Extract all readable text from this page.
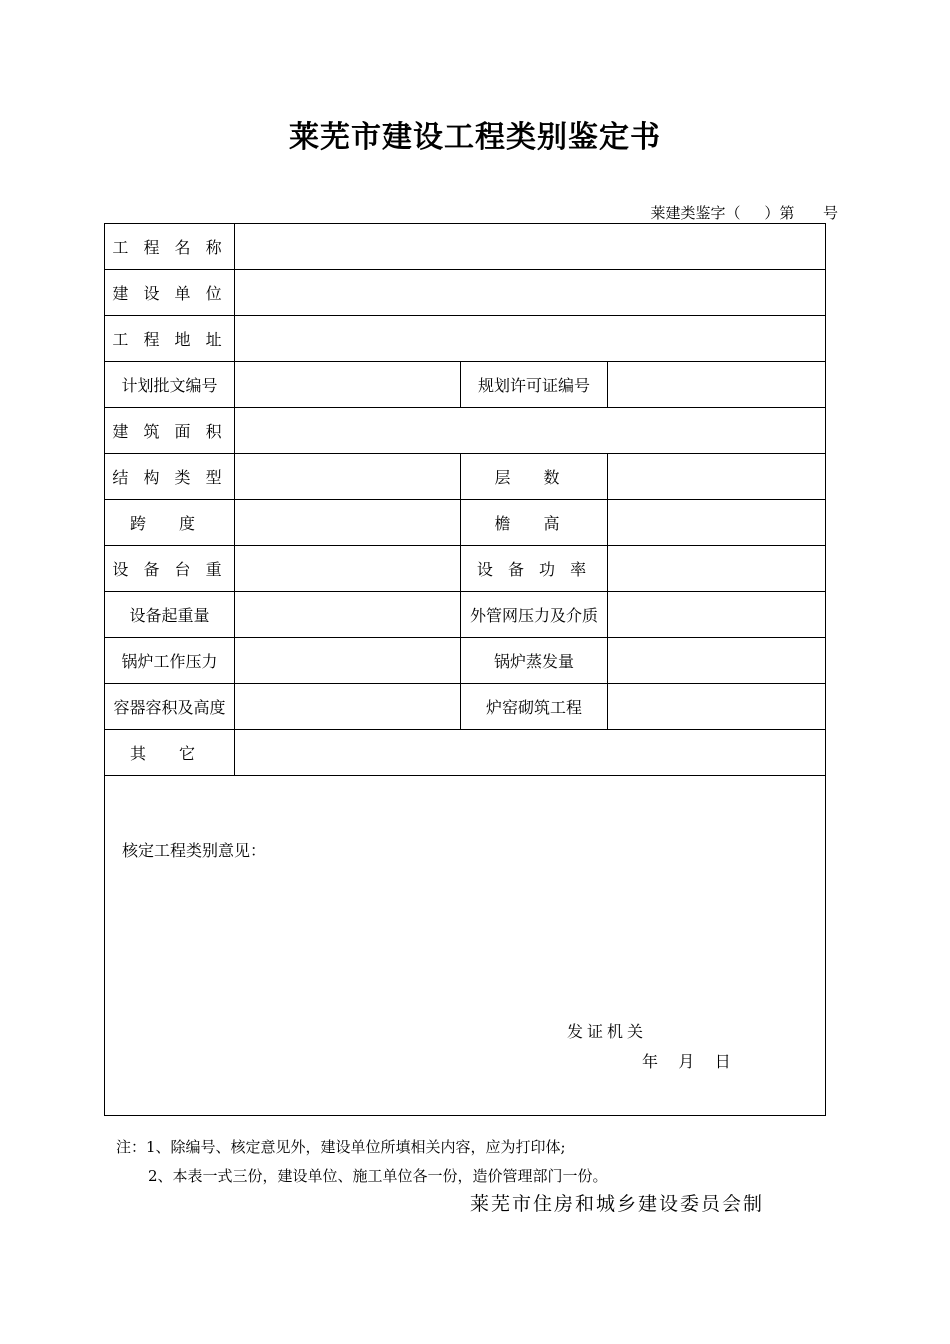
莱芜市建设工程类别鉴定书
莱建类鉴字（     ）第      号
工 程 名 称			
建 设 单 位			
工 程 地 址			
计划批文编号		规划许可证编号	
建 筑 面 积			
结 构 类 型		层 数	
跨 度		檐 高	
设 备 台 重		设 备 功 率	
设备起重量		外管网压力及介质	
锅炉工作压力		锅炉蒸发量	
容器容积及高度		炉窑砌筑工程	
其 它			

核定工程类别意见：
发证机关
年    月    日			
注：1、除编号、核定意见外，建设单位所填相关内容，应为打印体;
2、本表一式三份，建设单位、施工单位各一份，造价管理部门一份。
莱芜市住房和城乡建设委员会制
